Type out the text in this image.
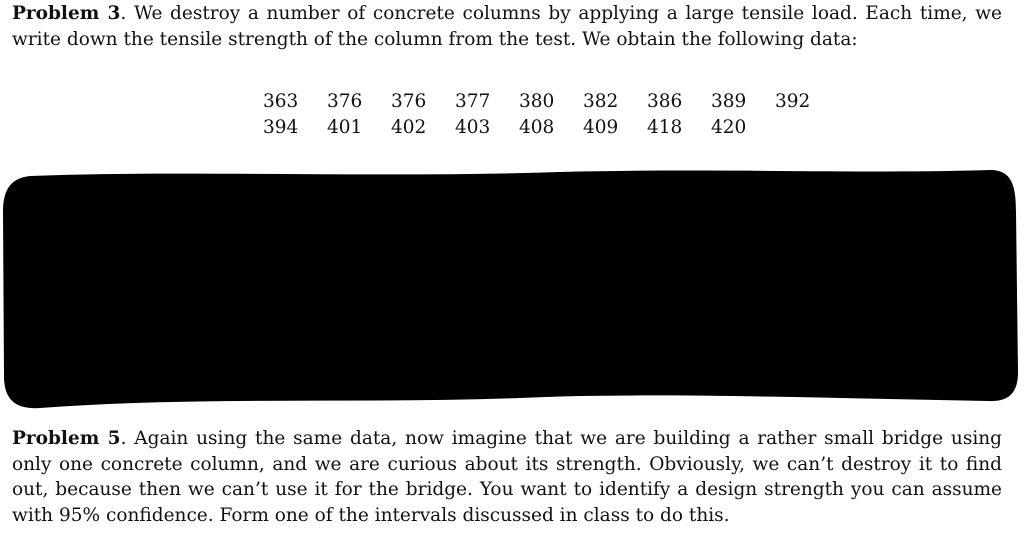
Problem 3. We destroy a number of concrete columns by applying a large tensile load. Each time, we write down the tensile strength of the column from the test. We obtain the following data:

363	376	376	377	380	382	386	389	392
394	401	402	403	408	409	418	420

Problem 5. Again using the same data, now imagine that we are building a rather small bridge using only one concrete column, and we are curious about its strength. Obviously, we can’t destroy it to find out, because then we can’t use it for the bridge. You want to identify a design strength you can assume with 95% confidence. Form one of the intervals discussed in class to do this.
